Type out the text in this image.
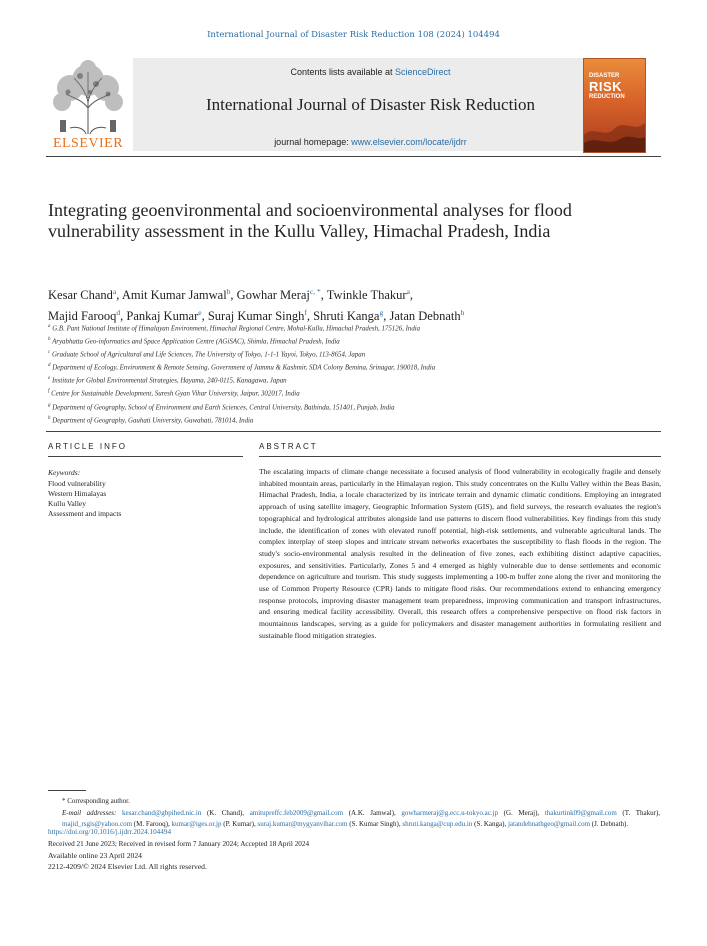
International Journal of Disaster Risk Reduction 108 (2024) 104494
ELSEVIER
Contents lists available at ScienceDirect
International Journal of Disaster Risk Reduction
journal homepage: www.elsevier.com/locate/ijdrr
DISASTER
RISK
REDUCTION
Integrating geoenvironmental and socioenvironmental analyses for flood vulnerability assessment in the Kullu Valley, Himachal Pradesh, India
Kesar Chand$^a$, Amit Kumar Jamwal$^b$, Gowhar Meraj$^{c, *}$, Twinkle Thakur$^a$,
Majid Farooq$^d$, Pankaj Kumar$^e$, Suraj Kumar Singh$^f$, Shruti Kanga$^g$, Jatan Debnath$^h$
$^a$ G.B. Pant National Institute of Himalayan Environment, Himachal Regional Centre, Mohal-Kullu, Himachal Pradesh, 175126, India
$^b$ Aryabhatta Geo-informatics and Space Application Centre (AGiSAC), Shimla, Himachal Pradesh, India
$^c$ Graduate School of Agricultural and Life Sciences, The University of Tokyo, 1-1-1 Yayoi, Tokyo, 113-8654, Japan
$^d$ Department of Ecology, Environment & Remote Sensing, Government of Jammu & Kashmir, SDA Colony Bemina, Srinagar, 190018, India
$^e$ Institute for Global Environmental Strategies, Hayama, 240-0115, Kanagawa, Japan
$^f$ Centre for Sustainable Development, Suresh Gyan Vihar University, Jaipur, 302017, India
$^g$ Department of Geography, School of Environment and Earth Sciences, Central University, Bathinda, 151401, Punjab, India
$^h$ Department of Geography, Gauhati University, Guwahati, 781014, India
ARTICLE INFO
Keywords:
Flood vulnerability
Western Himalayas
Kullu Valley
Assessment and impacts
ABSTRACT
The escalating impacts of climate change necessitate a focused analysis of flood vulnerability in ecologically fragile and densely inhabited mountain areas, particularly in the Himalayan region. This study concentrates on the Kullu Valley within the Beas Basin, Himachal Pradesh, India, a locale characterized by its intricate terrain and dynamic climatic conditions. Employing an integrated approach of using satellite imagery, Geographic Information System (GIS), and field surveys, the research evaluates the region's topographical and hydrological attributes alongside land use patterns to discern flood vulnerabilities. Key findings from this study include, the identification of zones with elevated runoff potential, high-risk settlements, and vulnerable agricultural lands. The complex interplay of steep slopes and intricate stream networks exacerbates the susceptibility to flash floods in the region. The study's socio-environmental analysis resulted in the delineation of five zones, each exhibiting distinct adaptive capacities, exposures, and sensitivities. Particularly, Zones 5 and 4 emerged as highly vulnerable due to dense settlements and economic dependence on agriculture and tourism. This study suggests implementing a 100-m buffer zone along the river and monitoring the use of Common Property Resource (CPR) lands to mitigate flood risks. Our recommendations extend to enhancing emergency response protocols, improving disaster management team preparedness, improving communication and transport infrastructures, and ensuring medical facility accessibility. Overall, this research offers a comprehensive perspective on flood risk factors in mountainous landscapes, serving as a guide for policymakers and disaster management authorities in formulating resilient and sustainable flood mitigation strategies.
* Corresponding author.
E-mail addresses: kesar.chand@gbpihed.nic.in (K. Chand), amitupreffc.feb2009@gmail.com (A.K. Jamwal), gowharmeraj@g.ecc.u-tokyo.ac.jp (G. Meraj), thakurtink09@gmail.com (T. Thakur), majid_rsgis@yahoo.com (M. Farooq), kumar@iges.or.jp (P. Kumar), suraj.kumar@mygyanvihar.com (S. Kumar Singh), shruti.kanga@cup.edu.in (S. Kanga), jatandebnathgeo@gmail.com (J. Debnath).
https://doi.org/10.1016/j.ijdrr.2024.104494
Received 21 June 2023; Received in revised form 7 January 2024; Accepted 18 April 2024
Available online 23 April 2024
2212-4209/© 2024 Elsevier Ltd. All rights reserved.
